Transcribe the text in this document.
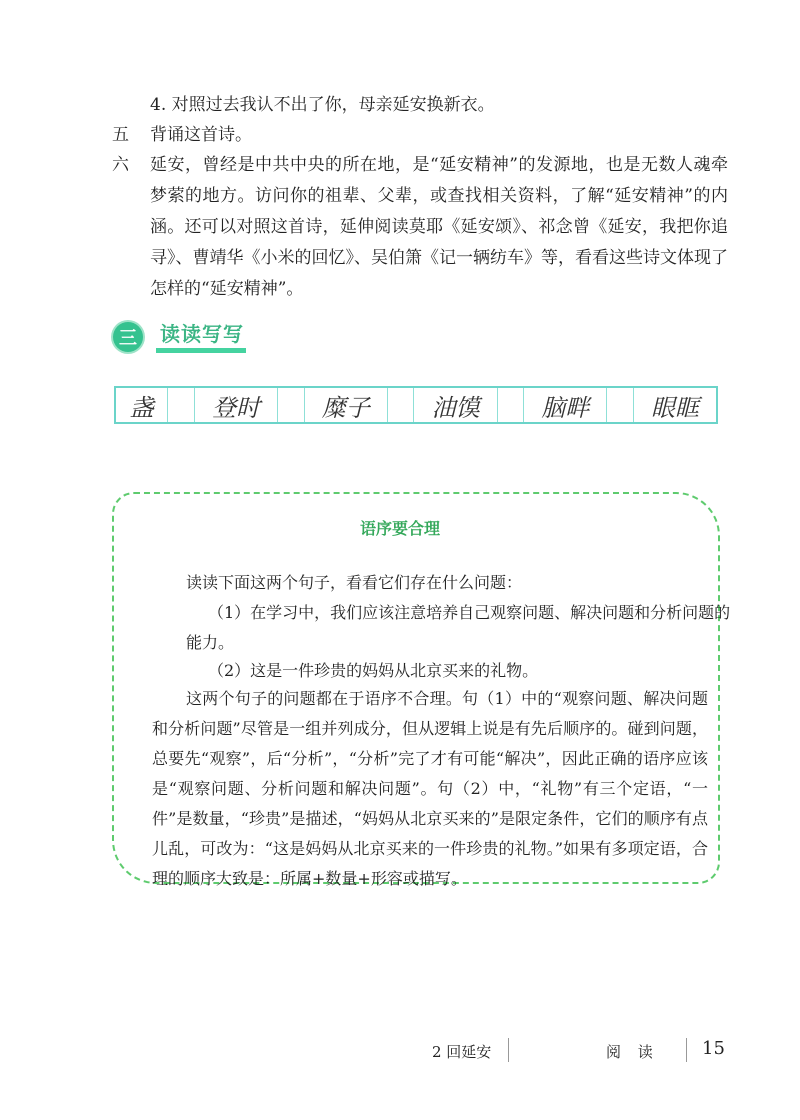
4. 对照过去我认不出了你，母亲延安换新衣。
五 背诵这首诗。
六 延安，曾经是中共中央的所在地，是“延安精神”的发源地，也是无数人魂牵梦萦的地方。访问你的祖辈、父辈，或查找相关资料，了解“延安精神”的内涵。还可以对照这首诗，延伸阅读莫耶《延安颂》、祁念曾《延安，我把你追寻》、曹靖华《小米的回忆》、吴伯箫《记一辆纺车》等，看看这些诗文体现了怎样的“延安精神”。
三	读读写写
盏	登时	糜子	油馍	脑畔	眼眶
语序要合理
读读下面这两个句子，看看它们存在什么问题：
（1）在学习中，我们应该注意培养自己观察问题、解决问题和分析问题的
能力。
（2）这是一件珍贵的妈妈从北京买来的礼物。
这两个句子的问题都在于语序不合理。句（1）中的“观察问题、解决问题和分析问题”尽管是一组并列成分，但从逻辑上说是有先后顺序的。碰到问题，总要先“观察”，后“分析”，“分析”完了才有可能“解决”，因此正确的语序应该是“观察问题、分析问题和解决问题”。句（2）中，“礼物”有三个定语，“一件”是数量，“珍贵”是描述，“妈妈从北京买来的”是限定条件，它们的顺序有点儿乱，可改为：“这是妈妈从北京买来的一件珍贵的礼物。”如果有多项定语，合理的顺序大致是：所属+数量+形容或描写。
2 回延安	阅 读 15
